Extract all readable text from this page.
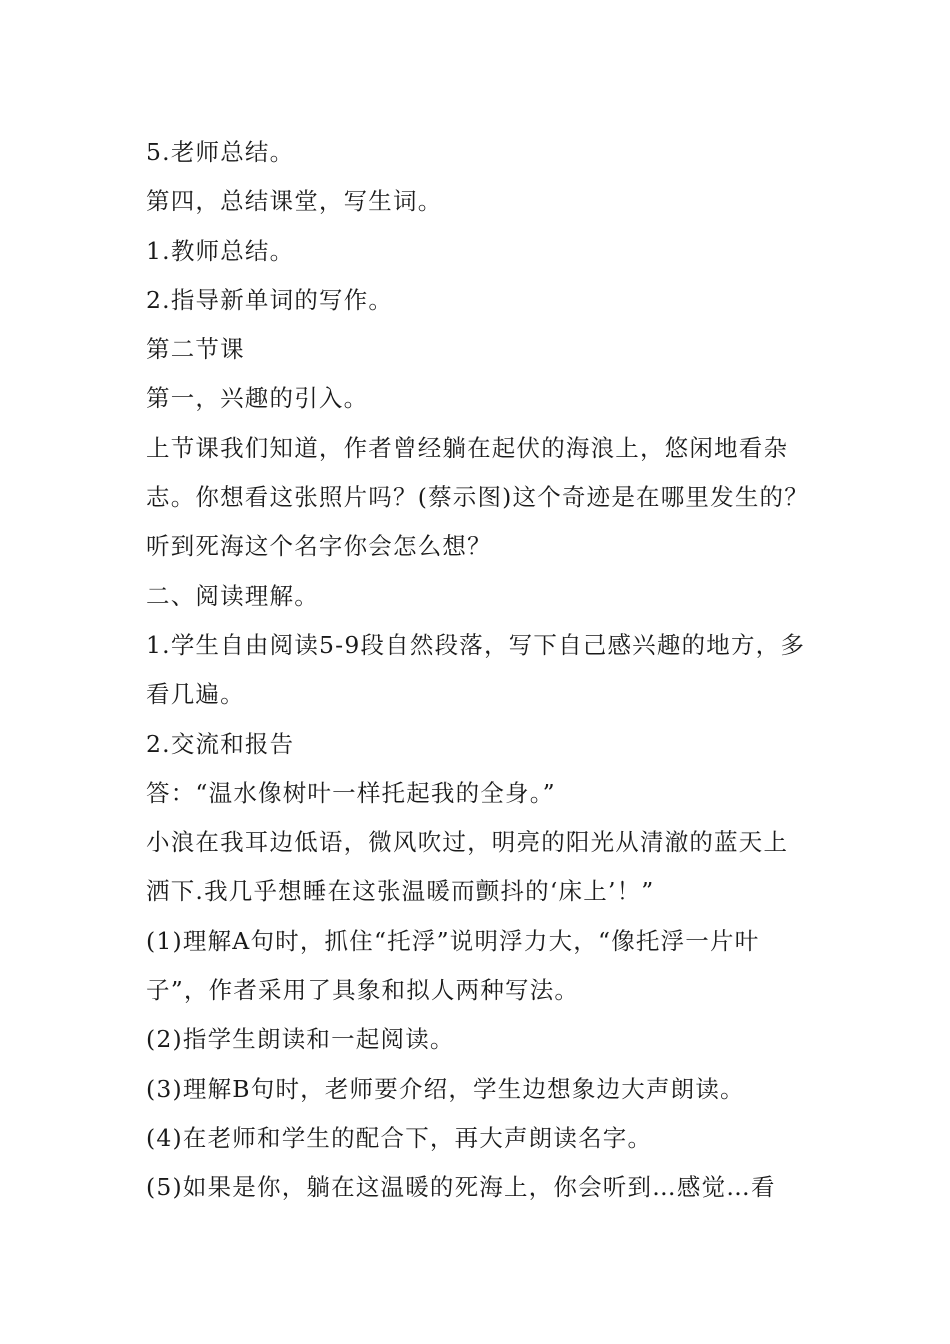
5.老师总结。

第四，总结课堂，写生词。

1.教师总结。

2.指导新单词的写作。

第二节课

第一，兴趣的引入。

上节课我们知道，作者曾经躺在起伏的海浪上，悠闲地看杂志。你想看这张照片吗？(蔡示图)这个奇迹是在哪里发生的？听到死海这个名字你会怎么想？

二、阅读理解。

1.学生自由阅读5-9段自然段落，写下自己感兴趣的地方，多看几遍。

2.交流和报告

答：“温水像树叶一样托起我的全身。”

小浪在我耳边低语，微风吹过，明亮的阳光从清澈的蓝天上洒下.我几乎想睡在这张温暖而颤抖的‘床上’！”

(1)理解A句时，抓住“托浮”说明浮力大，“像托浮一片叶子”，作者采用了具象和拟人两种写法。

(2)指学生朗读和一起阅读。

(3)理解B句时，老师要介绍，学生边想象边大声朗读。

(4)在老师和学生的配合下，再大声朗读名字。

(5)如果是你，躺在这温暖的死海上，你会听到…感觉…看
